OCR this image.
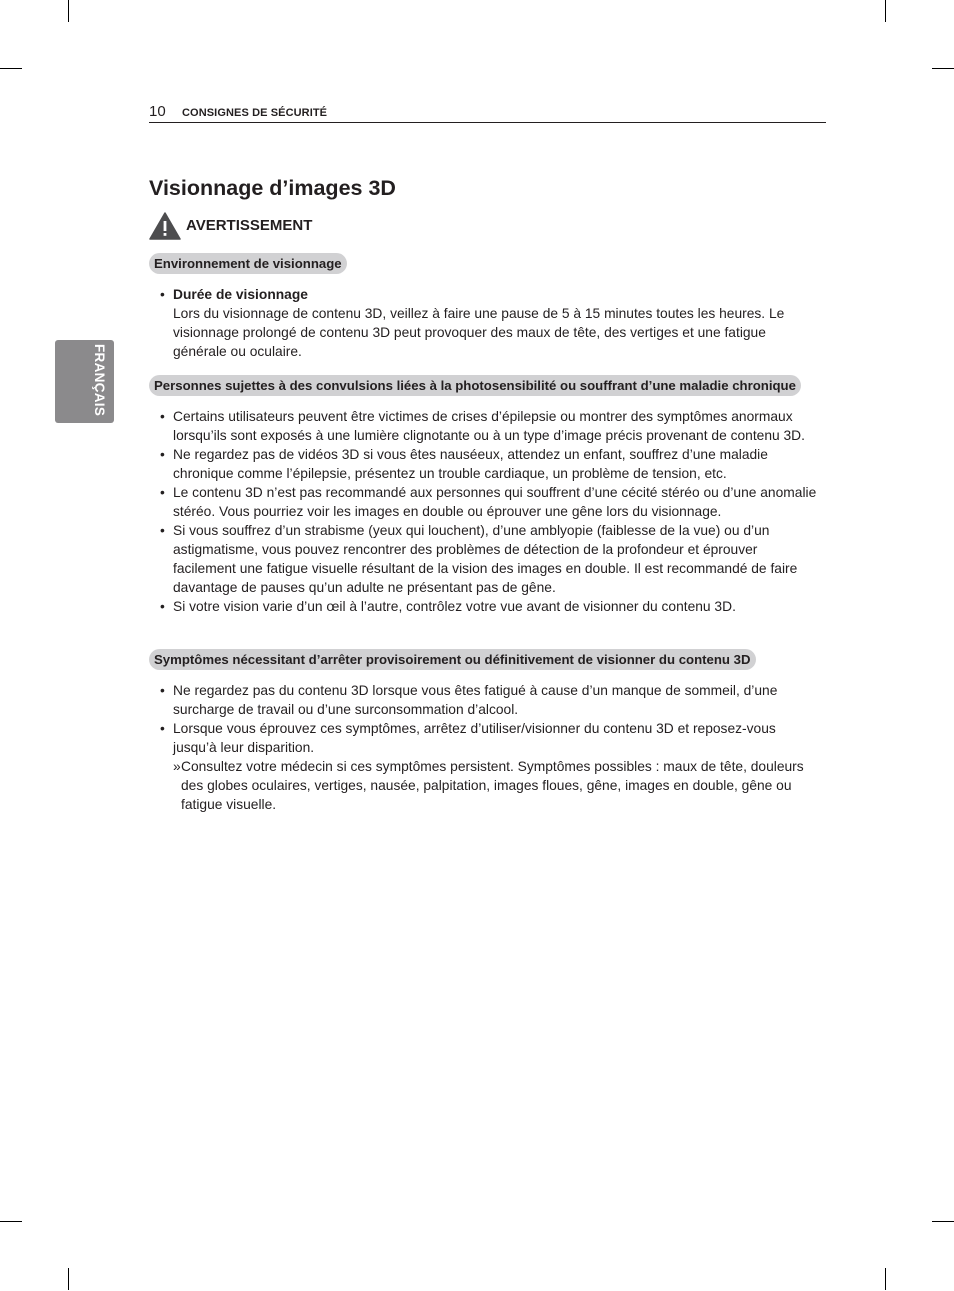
10 CONSIGNES DE SÉCURITÉ
FRANÇAIS
Visionnage d’images 3D
AVERTISSEMENT
Environnement de visionnage
• Durée de visionnage
Lors du visionnage de contenu 3D, veillez à faire une pause de 5 à 15 minutes toutes les heures. Le visionnage prolongé de contenu 3D peut provoquer des maux de tête, des vertiges et une fatigue générale ou oculaire.
Personnes sujettes à des convulsions liées à la photosensibilité ou souffrant d’une maladie chronique
• Certains utilisateurs peuvent être victimes de crises d’épilepsie ou montrer des symptômes anormaux lorsqu’ils sont exposés à une lumière clignotante ou à un type d’image précis provenant de contenu 3D.
• Ne regardez pas de vidéos 3D si vous êtes nauséeux, attendez un enfant, souffrez d’une maladie chronique comme l’épilepsie, présentez un trouble cardiaque, un problème de tension, etc.
• Le contenu 3D n’est pas recommandé aux personnes qui souffrent d’une cécité stéréo ou d’une anomalie stéréo. Vous pourriez voir les images en double ou éprouver une gêne lors du visionnage.
• Si vous souffrez d’un strabisme (yeux qui louchent), d’une amblyopie (faiblesse de la vue) ou d’un astigmatisme, vous pouvez rencontrer des problèmes de détection de la profondeur et éprouver facilement une fatigue visuelle résultant de la vision des images en double. Il est recommandé de faire davantage de pauses qu’un adulte ne présentant pas de gêne.
• Si votre vision varie d’un œil à l’autre, contrôlez votre vue avant de visionner du contenu 3D.
Symptômes nécessitant d’arrêter provisoirement ou définitivement de visionner du contenu 3D
• Ne regardez pas du contenu 3D lorsque vous êtes fatigué à cause d’un manque de sommeil, d’une surcharge de travail ou d’une surconsommation d’alcool.
• Lorsque vous éprouvez ces symptômes, arrêtez d’utiliser/visionner du contenu 3D et reposez-vous jusqu’à leur disparition.
» Consultez votre médecin si ces symptômes persistent. Symptômes possibles : maux de tête, douleurs des globes oculaires, vertiges, nausée, palpitation, images floues, gêne, images en double, gêne ou fatigue visuelle.
